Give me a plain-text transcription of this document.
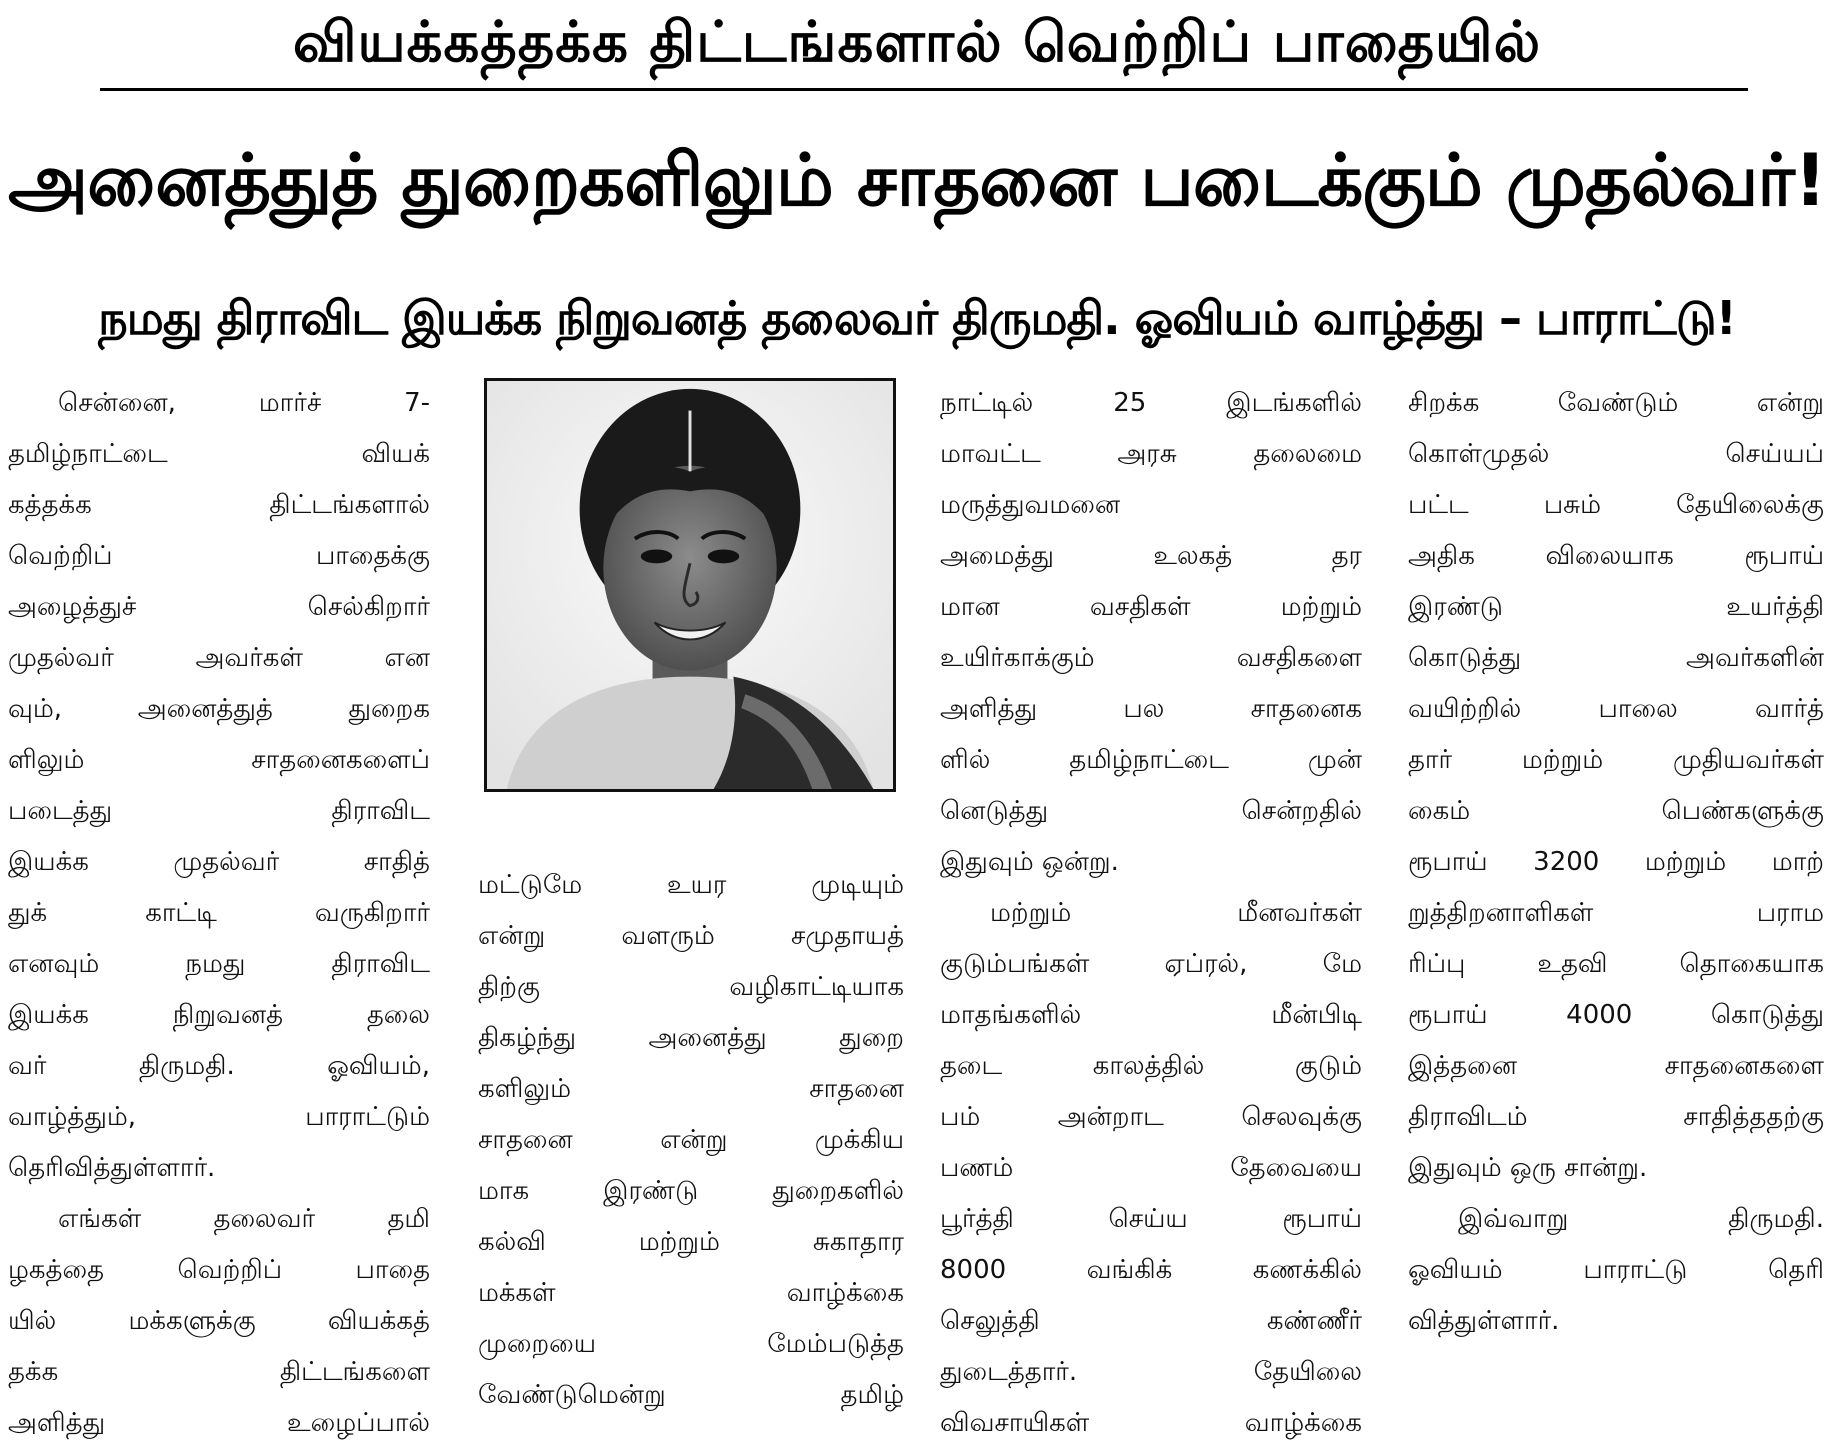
வியக்கத்தக்க திட்டங்களால் வெற்றிப் பாதையில்
அனைத்துத் துறைகளிலும் சாதனை படைக்கும் முதல்வர்!
நமது திராவிட இயக்க நிறுவனத் தலைவர் திருமதி. ஓவியம் வாழ்த்து – பாராட்டு!
சென்னை, மார்ச் 7-
தமிழ்நாட்டை வியக்
கத்தக்க திட்டங்களால்
வெற்றிப் பாதைக்கு
அழைத்துச் செல்கிறார்
முதல்வர் அவர்கள் என
வும், அனைத்துத் துறைக
ளிலும் சாதனைகளைப்
படைத்து திராவிட
இயக்க முதல்வர் சாதித்
துக் காட்டி வருகிறார்
எனவும் நமது திராவிட
இயக்க நிறுவனத் தலை
வர் திருமதி. ஓவியம்,
வாழ்த்தும், பாராட்டும்
தெரிவித்துள்ளார்.
எங்கள் தலைவர் தமி
ழகத்தை வெற்றிப் பாதை
யில் மக்களுக்கு வியக்கத்
தக்க திட்டங்களை
அளித்து உழைப்பால்
மட்டுமே உயர முடியும்
என்று வளரும் சமுதாயத்
திற்கு வழிகாட்டியாக
திகழ்ந்து அனைத்து துறை
களிலும் சாதனை
சாதனை என்று முக்கிய
மாக இரண்டு துறைகளில்
கல்வி மற்றும் சுகாதார
மக்கள் வாழ்க்கை
முறையை மேம்படுத்த
வேண்டுமென்று தமிழ்
நாட்டில் 25 இடங்களில்
மாவட்ட அரசு தலைமை
மருத்துவமனை
அமைத்து உலகத் தர
மான வசதிகள் மற்றும்
உயிர்காக்கும் வசதிகளை
அளித்து பல சாதனைக
ளில் தமிழ்நாட்டை முன்
னெடுத்து சென்றதில்
இதுவும் ஒன்று.
மற்றும் மீனவர்கள்
குடும்பங்கள் ஏப்ரல், மே
மாதங்களில் மீன்பிடி
தடை காலத்தில் குடும்
பம் அன்றாட செலவுக்கு
பணம் தேவையை
பூர்த்தி செய்ய ரூபாய்
8000 வங்கிக் கணக்கில்
செலுத்தி கண்ணீர்
துடைத்தார். தேயிலை
விவசாயிகள் வாழ்க்கை
சிறக்க வேண்டும் என்று
கொள்முதல் செய்யப்
பட்ட பசும் தேயிலைக்கு
அதிக விலையாக ரூபாய்
இரண்டு உயர்த்தி
கொடுத்து அவர்களின்
வயிற்றில் பாலை வார்த்
தார் மற்றும் முதியவர்கள்
கைம் பெண்களுக்கு
ரூபாய் 3200 மற்றும் மாற்
றுத்திறனாளிகள் பராம
ரிப்பு உதவி தொகையாக
ரூபாய் 4000 கொடுத்து
இத்தனை சாதனைகளை
திராவிடம் சாதித்ததற்கு
இதுவும் ஒரு சான்று.
இவ்வாறு திருமதி.
ஓவியம் பாராட்டு தெரி
வித்துள்ளார்.
